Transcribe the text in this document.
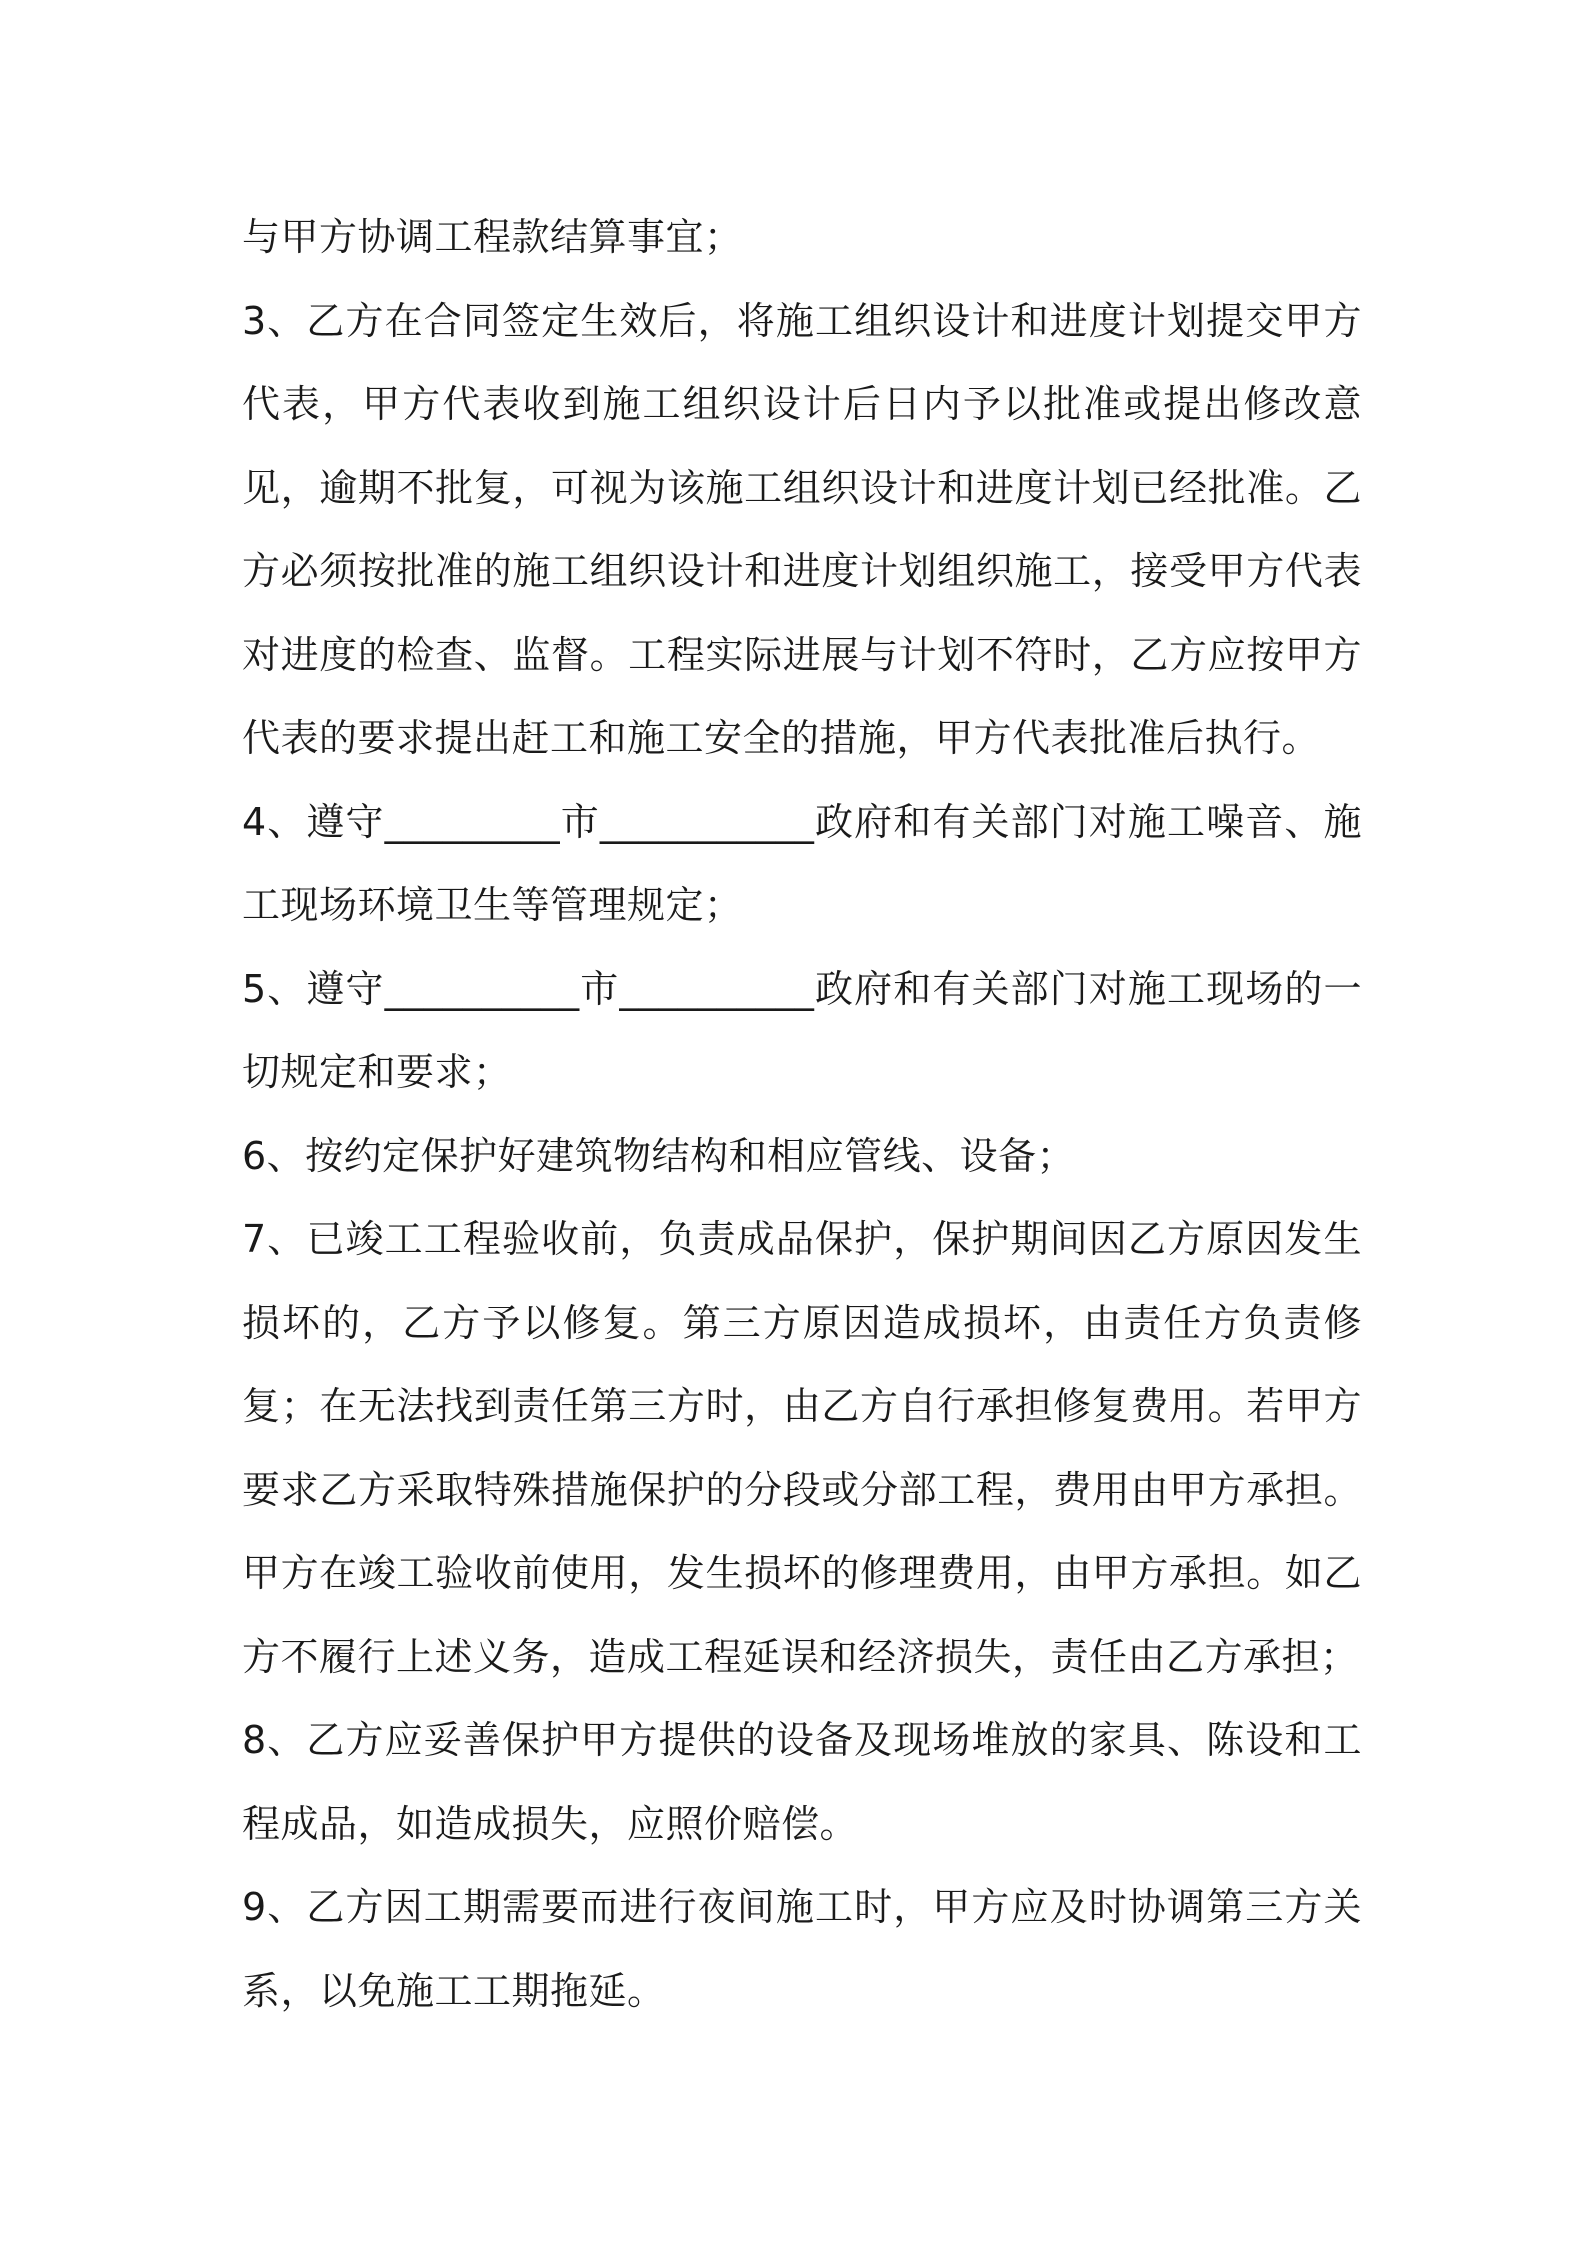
与甲方协调工程款结算事宜；

3、乙方在合同签定生效后，将施工组织设计和进度计划提交甲方代表，甲方代表收到施工组织设计后日内予以批准或提出修改意见，逾期不批复，可视为该施工组织设计和进度计划已经批准。乙方必须按批准的施工组织设计和进度计划组织施工，接受甲方代表对进度的检查、监督。工程实际进展与计划不符时，乙方应按甲方代表的要求提出赶工和施工安全的措施，甲方代表批准后执行。

4、遵守_________市___________政府和有关部门对施工噪音、施工现场环境卫生等管理规定；

5、遵守__________市__________政府和有关部门对施工现场的一切规定和要求；

6、按约定保护好建筑物结构和相应管线、设备；

7、已竣工工程验收前，负责成品保护，保护期间因乙方原因发生损坏的，乙方予以修复。第三方原因造成损坏，由责任方负责修复；在无法找到责任第三方时，由乙方自行承担修复费用。若甲方要求乙方采取特殊措施保护的分段或分部工程，费用由甲方承担。甲方在竣工验收前使用，发生损坏的修理费用，由甲方承担。如乙方不履行上述义务，造成工程延误和经济损失，责任由乙方承担；

8、乙方应妥善保护甲方提供的设备及现场堆放的家具、陈设和工程成品，如造成损失，应照价赔偿。

9、乙方因工期需要而进行夜间施工时，甲方应及时协调第三方关系，以免施工工期拖延。
